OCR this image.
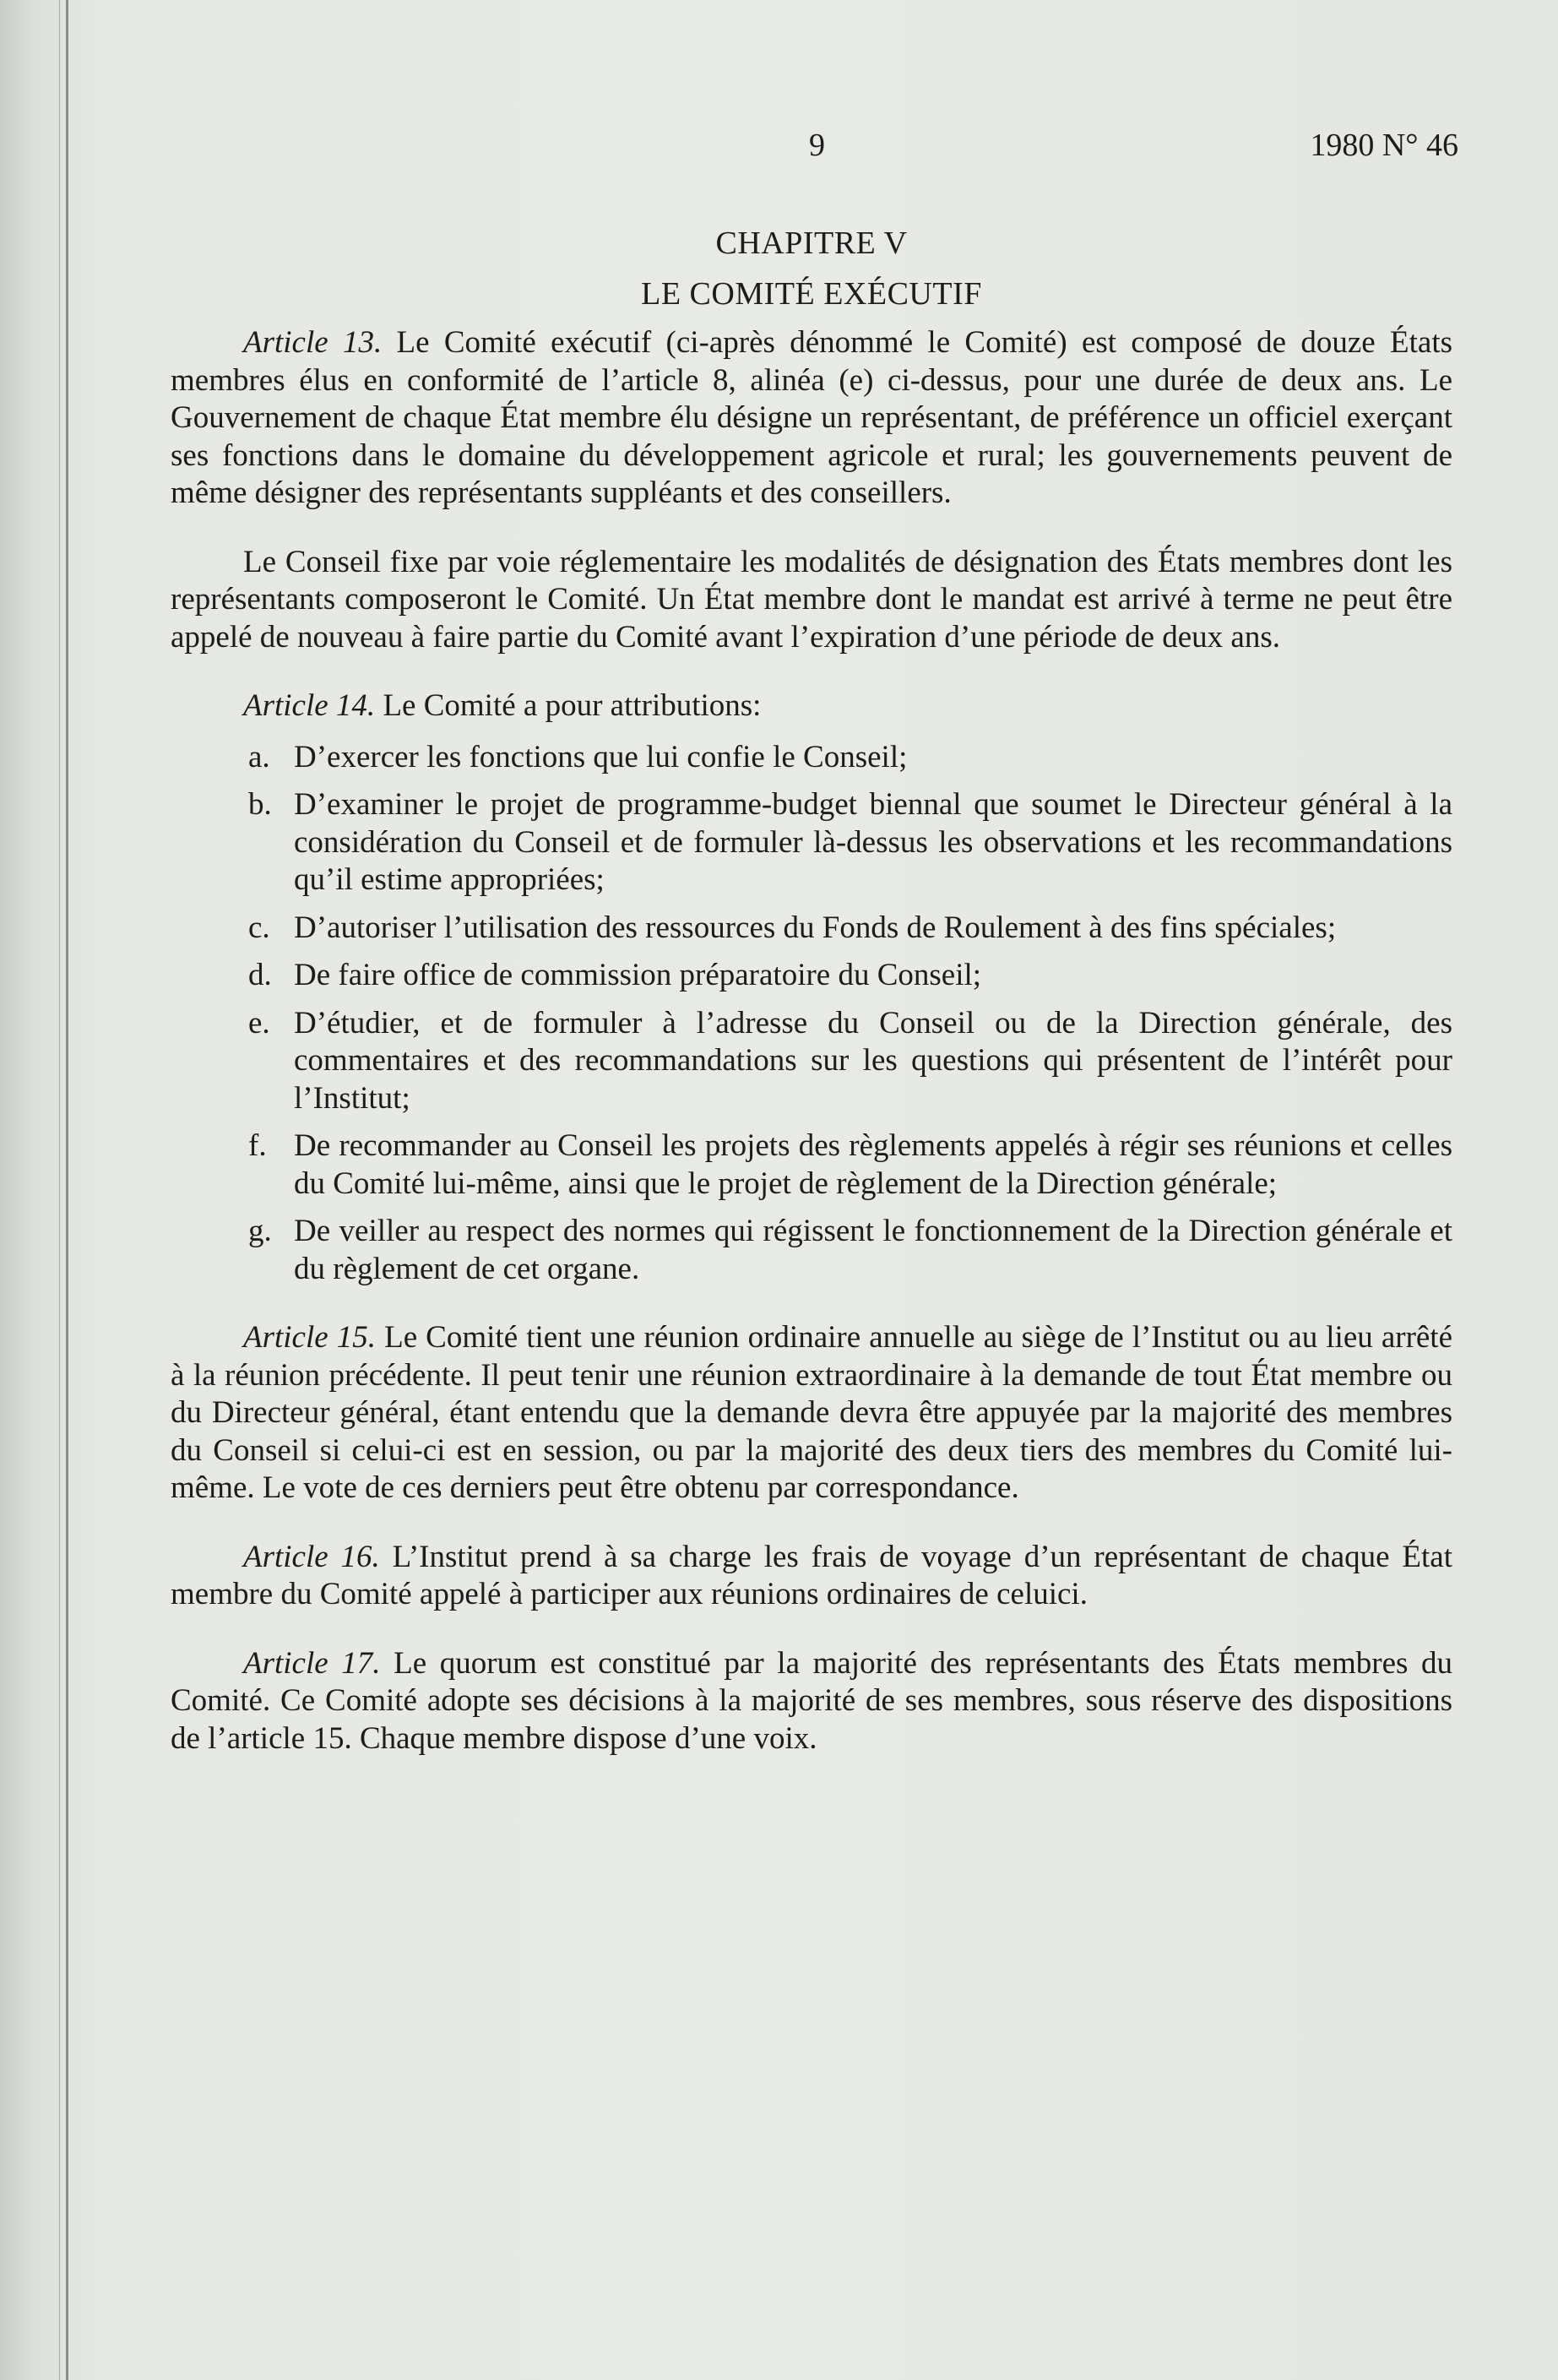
9	1980 N° 46
CHAPITRE V
LE COMITÉ EXÉCUTIF

Article 13. Le Comité exécutif (ci-après dénommé le Comité) est composé de douze États membres élus en conformité de l’article 8, alinéa (e) ci-dessus, pour une durée de deux ans. Le Gouvernement de chaque État membre élu désigne un représentant, de préférence un officiel exerçant ses fonctions dans le domaine du développement agricole et rural; les gouvernements peuvent de même désigner des représentants suppléants et des conseillers.

Le Conseil fixe par voie réglementaire les modalités de désignation des États membres dont les représentants composeront le Comité. Un État membre dont le mandat est arrivé à terme ne peut être appelé de nouveau à faire partie du Comité avant l’expiration d’une période de deux ans.

Article 14. Le Comité a pour attributions:

a. D’exercer les fonctions que lui confie le Conseil;
b. D’examiner le projet de programme-budget biennal que soumet le Directeur général à la considération du Conseil et de formuler là-dessus les observations et les recommandations qu’il estime appropriées;
c. D’autoriser l’utilisation des ressources du Fonds de Roulement à des fins spéciales;
d. De faire office de commission préparatoire du Conseil;
e. D’étudier, et de formuler à l’adresse du Conseil ou de la Direction générale, des commentaires et des recommandations sur les questions qui présentent de l’intérêt pour l’Institut;
f. De recommander au Conseil les projets des règlements appelés à régir ses réunions et celles du Comité lui-même, ainsi que le projet de règlement de la Direction générale;
g. De veiller au respect des normes qui régissent le fonctionnement de la Direction générale et du règlement de cet organe.

Article 15. Le Comité tient une réunion ordinaire annuelle au siège de l’Institut ou au lieu arrêté à la réunion précédente. Il peut tenir une réunion extraordinaire à la demande de tout État membre ou du Directeur général, étant entendu que la demande devra être appuyée par la majorité des membres du Conseil si celui-ci est en session, ou par la majorité des deux tiers des membres du Comité lui-même. Le vote de ces derniers peut être obtenu par correspondance.

Article 16. L’Institut prend à sa charge les frais de voyage d’un représentant de chaque État membre du Comité appelé à participer aux réunions ordinaires de celuici.

Article 17. Le quorum est constitué par la majorité des représentants des États membres du Comité. Ce Comité adopte ses décisions à la majorité de ses membres, sous réserve des dispositions de l’article 15. Chaque membre dispose d’une voix.
